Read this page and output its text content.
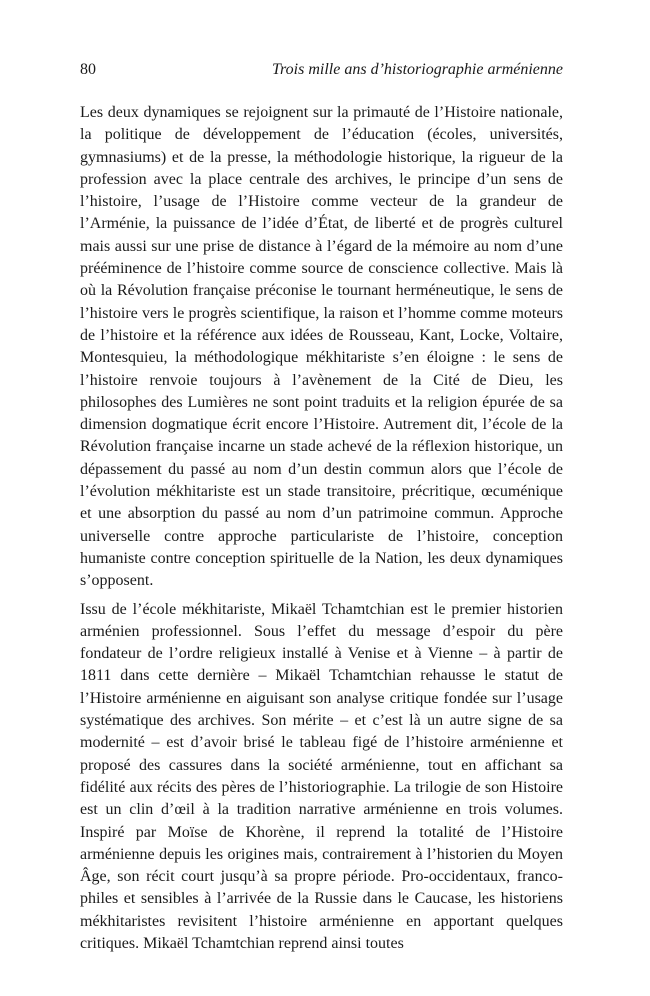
80	Trois mille ans d’historiographie arménienne

Les deux dynamiques se rejoignent sur la primauté de l’Histoire nationale, la politique de développement de l’éducation (écoles, universités, gymnasiums) et de la presse, la méthodologie historique, la rigueur de la profession avec la place centrale des archives, le principe d’un sens de l’histoire, l’usage de l’Histoire comme vecteur de la grandeur de l’Arménie, la puissance de l’idée d’État, de liberté et de progrès culturel mais aussi sur une prise de distance à l’égard de la mémoire au nom d’une prééminence de l’histoire comme source de conscience collective. Mais là où la Révolution française préconise le tournant herméneutique, le sens de l’histoire vers le progrès scientifique, la raison et l’homme comme moteurs de l’histoire et la référence aux idées de Rousseau, Kant, Locke, Voltaire, Montesquieu, la méthodologique mékhitariste s’en éloigne : le sens de l’histoire renvoie toujours à l’avènement de la Cité de Dieu, les philosophes des Lumières ne sont point traduits et la religion épurée de sa dimension dogmatique écrit encore l’Histoire. Autrement dit, l’école de la Révolution française incarne un stade achevé de la réflexion historique, un dépassement du passé au nom d’un destin commun alors que l’école de l’évolution mékhitariste est un stade transitoire, précritique, œcuménique et une absorption du passé au nom d’un patrimoine commun. Approche universelle contre approche particulariste de l’histoire, conception humaniste contre conception spirituelle de la Nation, les deux dynamiques s’opposent.

Issu de l’école mékhitariste, Mikaël Tchamtchian est le premier historien arménien professionnel. Sous l’effet du message d’espoir du père fondateur de l’ordre religieux installé à Venise et à Vienne – à partir de 1811 dans cette dernière – Mikaël Tchamtchian rehausse le statut de l’Histoire arménienne en aiguisant son analyse critique fondée sur l’usage systématique des archives. Son mérite – et c’est là un autre signe de sa modernité – est d’avoir brisé le tableau figé de l’histoire arménienne et proposé des cassures dans la société arménienne, tout en affichant sa fidélité aux récits des pères de l’historiographie. La trilogie de son Histoire est un clin d’œil à la tradition narrative arménienne en trois volumes. Inspiré par Moïse de Khorène, il reprend la totalité de l’Histoire arménienne depuis les origines mais, contrairement à l’historien du Moyen Âge, son récit court jusqu’à sa propre période. Pro-occidentaux, francophiles et sensibles à l’arrivée de la Russie dans le Caucase, les historiens mékhitaristes revisitent l’histoire arménienne en apportant quelques critiques. Mikaël Tchamtchian reprend ainsi toutes
